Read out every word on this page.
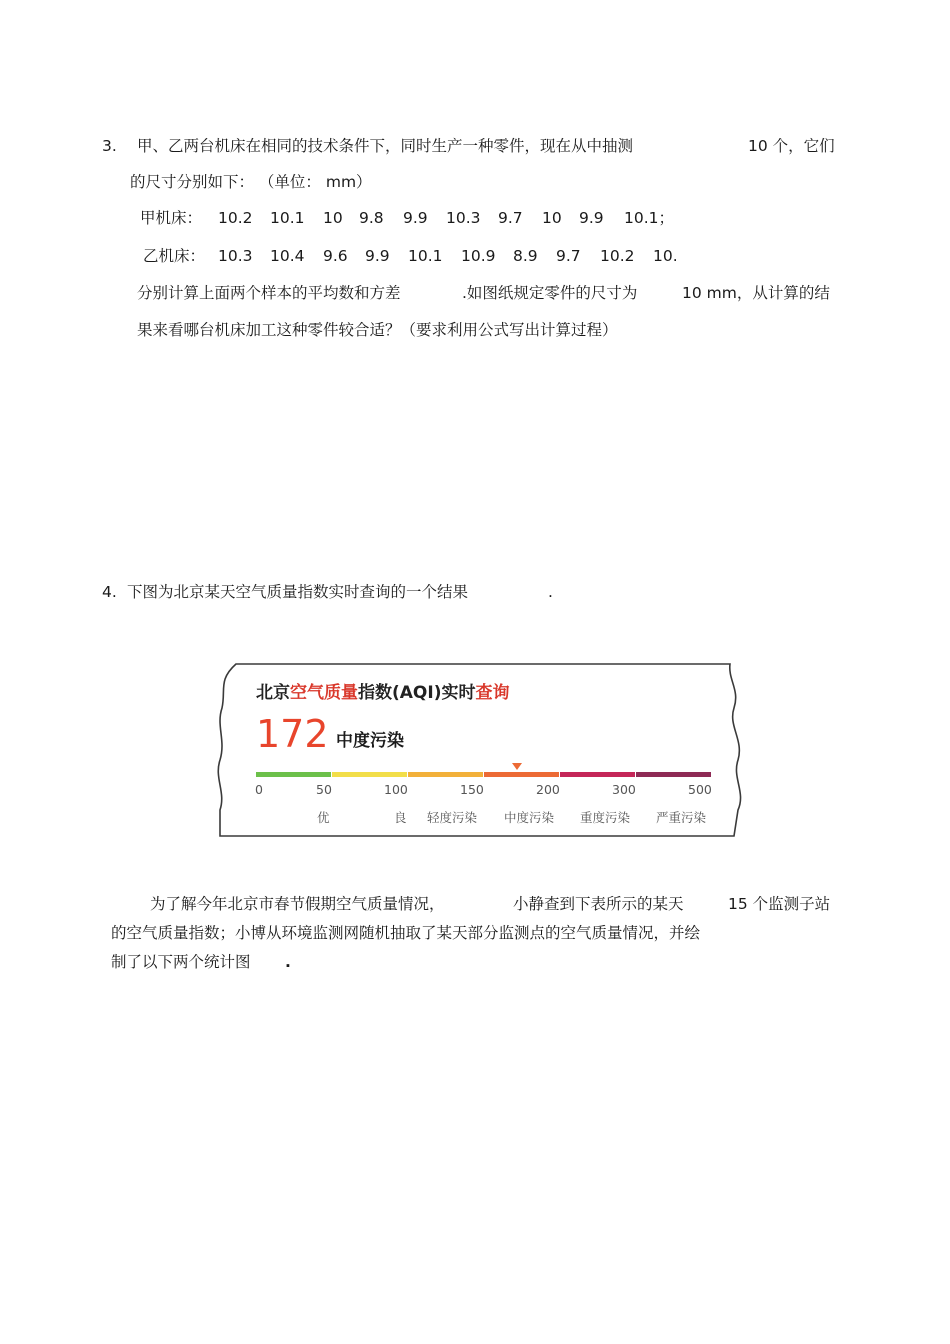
3. 甲、乙两台机床在相同的技术条件下，同时生产一种零件，现在从中抽测	10 个，它们
的尺寸分别如下： （单位： mm）
甲机床： 10.2 10.1 10 9.8 9.9 10.3 9.7 10 9.9 10.1；
乙机床： 10.3 10.4 9.6 9.9 10.1 10.9 8.9 9.7 10.2 10.
分别计算上面两个样本的平均数和方差	.如图纸规定零件的尺寸为	10 mm，从计算的结
果来看哪台机床加工这种零件较合适？（要求利用公式写出计算过程）
4. 下图为北京某天空气质量指数实时查询的一个结果	.
北京空气质量指数(AQI)实时查询
172 中度污染
0	50	100	150	200	300	500
优	良 轻度污染 中度污染 重度污染 严重污染
为了解今年北京市春节假期空气质量情况，	小静查到下表所示的某天	15 个监测子站
的空气质量指数；小博从环境监测网随机抽取了某天部分监测点的空气质量情况，并绘
制了以下两个统计图 .
